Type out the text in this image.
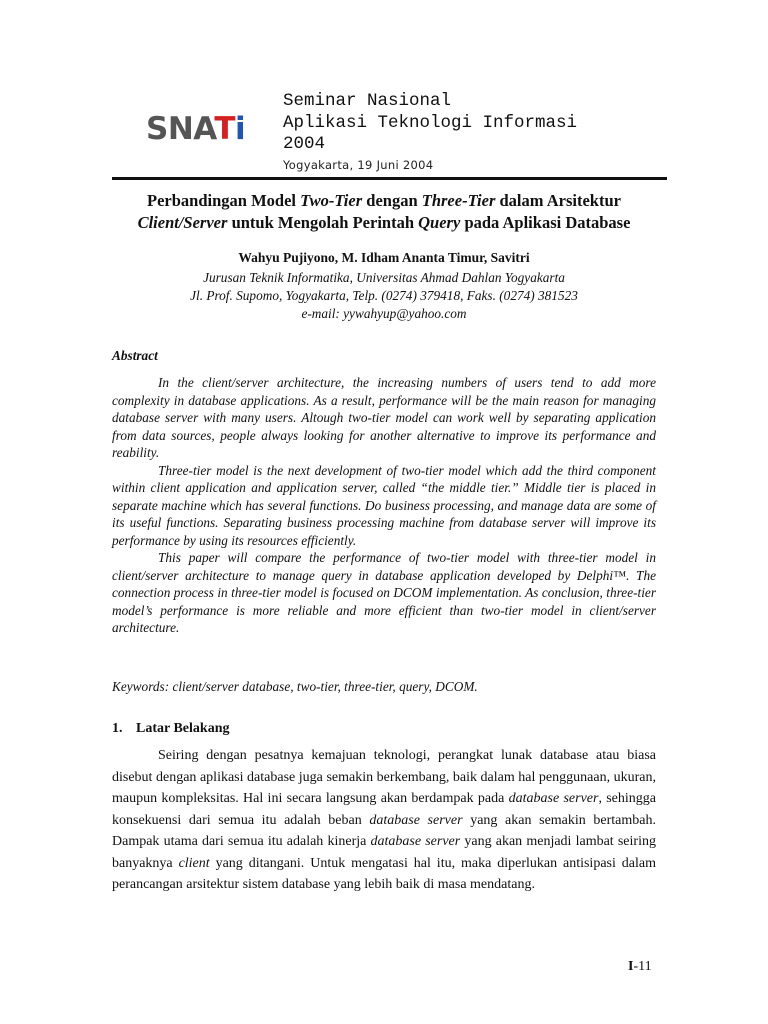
SNATi
Seminar Nasional
Aplikasi Teknologi Informasi
2004
Yogyakarta, 19 Juni 2004
Perbandingan Model Two-Tier dengan Three-Tier dalam Arsitektur
Client/Server untuk Mengolah Perintah Query pada Aplikasi Database
Wahyu Pujiyono, M. Idham Ananta Timur, Savitri
Jurusan Teknik Informatika, Universitas Ahmad Dahlan Yogyakarta
Jl. Prof. Supomo, Yogyakarta, Telp. (0274) 379418, Faks. (0274) 381523
e-mail: yywahyup@yahoo.com
Abstract

In the client/server architecture, the increasing numbers of users tend to add more complexity in database applications. As a result, performance will be the main reason for managing database server with many users. Altough two-tier model can work well by separating application from data sources, people always looking for another alternative to improve its performance and reability.

Three-tier model is the next development of two-tier model which add the third component within client application and application server, called “the middle tier.” Middle tier is placed in separate machine which has several functions. Do business processing, and manage data are some of its useful functions. Separating business processing machine from database server will improve its performance by using its resources efficiently.

This paper will compare the performance of two-tier model with three-tier model in client/server architecture to manage query in database application developed by Delphi™. The connection process in three-tier model is focused on DCOM implementation. As conclusion, three-tier model’s performance is more reliable and more efficient than two-tier model in client/server architecture.

Keywords: client/server database, two-tier, three-tier, query, DCOM.
1. Latar Belakang

Seiring dengan pesatnya kemajuan teknologi, perangkat lunak database atau biasa disebut dengan aplikasi database juga semakin berkembang, baik dalam hal penggunaan, ukuran, maupun kompleksitas. Hal ini secara langsung akan berdampak pada database server, sehingga konsekuensi dari semua itu adalah beban database server yang akan semakin bertambah. Dampak utama dari semua itu adalah kinerja database server yang akan menjadi lambat seiring banyaknya client yang ditangani. Untuk mengatasi hal itu, maka diperlukan antisipasi dalam perancangan arsitektur sistem database yang lebih baik di masa mendatang.

I-11
